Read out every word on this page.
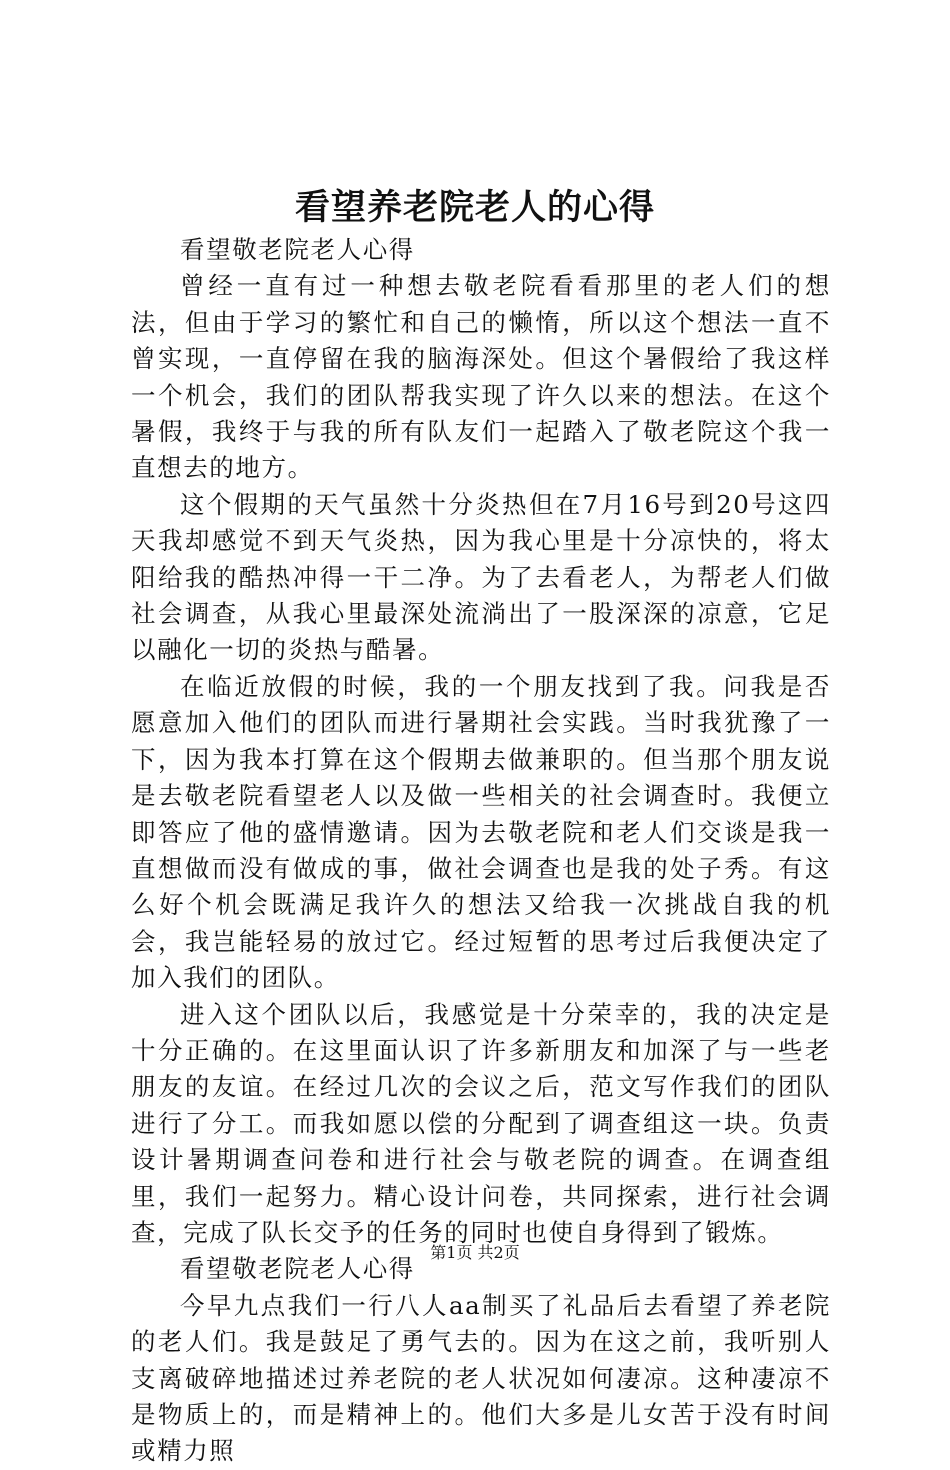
看望养老院老人的心得

看望敬老院老人心得

曾经一直有过一种想去敬老院看看那里的老人们的想法，但由于学习的繁忙和自己的懒惰，所以这个想法一直不曾实现，一直停留在我的脑海深处。但这个暑假给了我这样一个机会，我们的团队帮我实现了许久以来的想法。在这个暑假，我终于与我的所有队友们一起踏入了敬老院这个我一直想去的地方。

这个假期的天气虽然十分炎热但在7月16号到20号这四天我却感觉不到天气炎热，因为我心里是十分凉快的，将太阳给我的酷热冲得一干二净。为了去看老人，为帮老人们做社会调查，从我心里最深处流淌出了一股深深的凉意，它足以融化一切的炎热与酷暑。

在临近放假的时候，我的一个朋友找到了我。问我是否愿意加入他们的团队而进行暑期社会实践。当时我犹豫了一下，因为我本打算在这个假期去做兼职的。但当那个朋友说是去敬老院看望老人以及做一些相关的社会调查时。我便立即答应了他的盛情邀请。因为去敬老院和老人们交谈是我一直想做而没有做成的事，做社会调查也是我的处子秀。有这么好个机会既满足我许久的想法又给我一次挑战自我的机会，我岂能轻易的放过它。经过短暂的思考过后我便决定了加入我们的团队。

进入这个团队以后，我感觉是十分荣幸的，我的决定是十分正确的。在这里面认识了许多新朋友和加深了与一些老朋友的友谊。在经过几次的会议之后，范文写作我们的团队进行了分工。而我如愿以偿的分配到了调查组这一块。负责设计暑期调查问卷和进行社会与敬老院的调查。在调查组里，我们一起努力。精心设计问卷，共同探索，进行社会调查，完成了队长交予的任务的同时也使自身得到了锻炼。

看望敬老院老人心得

今早九点我们一行八人aa制买了礼品后去看望了养老院的老人们。我是鼓足了勇气去的。因为在这之前，我听别人支离破碎地描述过养老院的老人状况如何凄凉。这种凄凉不是物质上的，而是精神上的。他们大多是儿女苦于没有时间或精力照

第1页 共2页
